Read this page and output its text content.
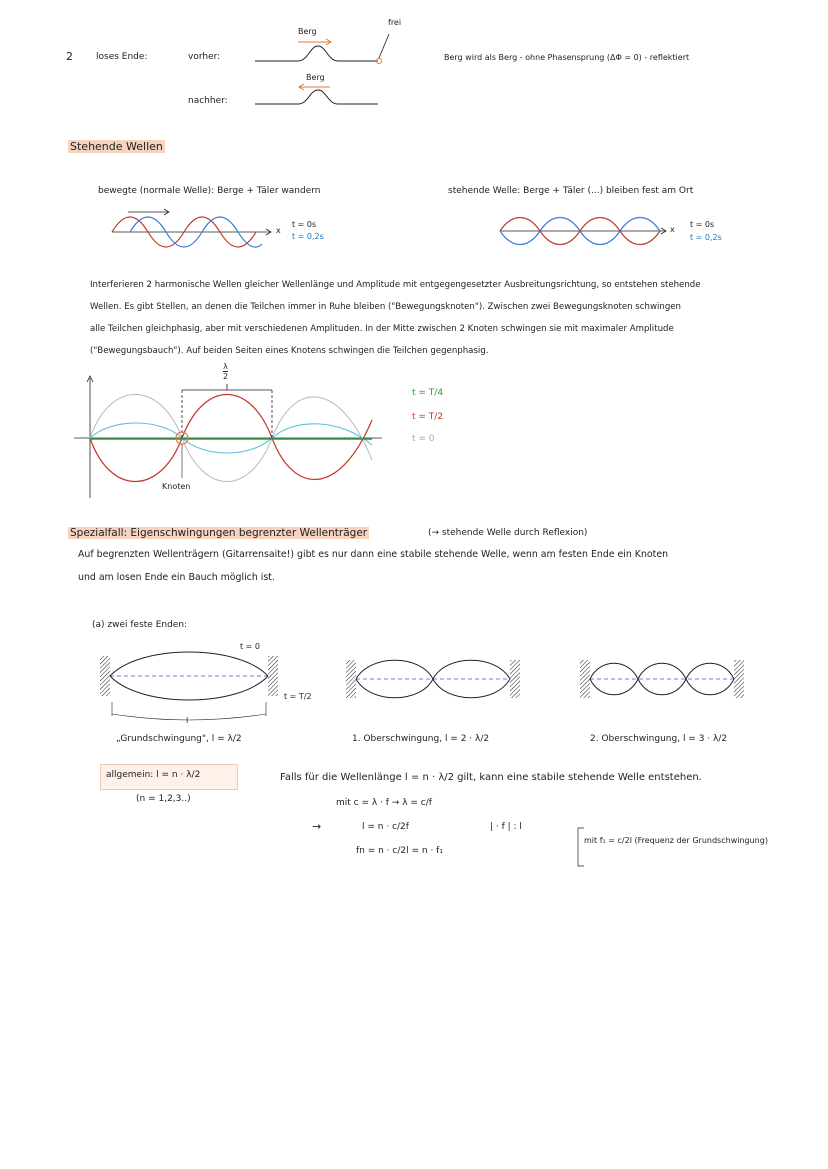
2	loses Ende:	vorher:
nachher:
Berg
Berg
frei
Berg wird als Berg - ohne Phasensprung (ΔΦ = 0) - reflektiert
Stehende Wellen
bewegte (normale Welle): Berge + Täler wandern	stehende Welle: Berge + Täler (...) bleiben fest am Ort
x
t = 0s
t = 0,2s
x
t = 0s
t = 0,2s
Interferieren 2 harmonische Wellen gleicher Wellenlänge und Amplitude mit entgegengesetzter Ausbreitungsrichtung, so entstehen stehende
Wellen. Es gibt Stellen, an denen die Teilchen immer in Ruhe bleiben ("Bewegungsknoten"). Zwischen zwei Bewegungsknoten schwingen
alle Teilchen gleichphasig, aber mit verschiedenen Amplituden. In der Mitte zwischen 2 Knoten schwingen sie mit maximaler Amplitude
("Bewegungsbauch"). Auf beiden Seiten eines Knotens schwingen die Teilchen gegenphasig.
λ
2
t = T/4
t = T/2
t = 0
Knoten
Spezialfall: Eigenschwingungen begrenzter Wellenträger	(→ stehende Welle durch Reflexion)
Auf begrenzten Wellenträgern (Gitarrensaite!) gibt es nur dann eine stabile stehende Welle, wenn am festen Ende ein Knoten
und am losen Ende ein Bauch möglich ist.
(a) zwei feste Enden:
t = 0
t = T/2
l
„Grundschwingung", l = λ/2	1. Oberschwingung, l = 2 · λ/2	2. Oberschwingung, l = 3 · λ/2
allgemein: l = n · λ/2
(n = 1,2,3..)
Falls für die Wellenlänge l = n · λ/2 gilt, kann eine stabile stehende Welle entstehen.
mit c = λ · f → λ = c/f
→	l = n · c/2f	| · f | : l
fn = n · c/2l = n · f₁
mit f₁ = c/2l (Frequenz der Grundschwingung)
